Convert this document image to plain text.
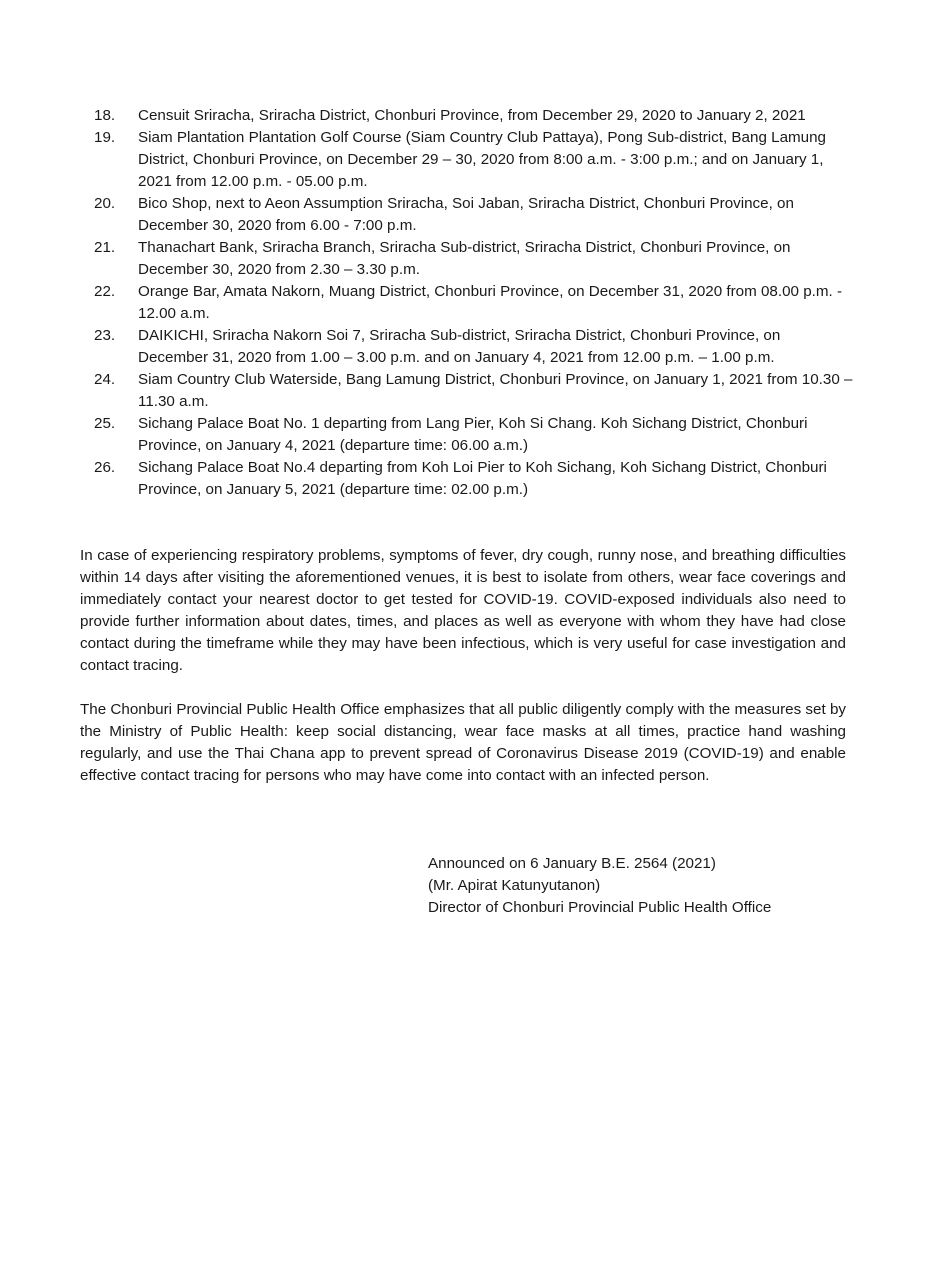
18.	Censuit Sriracha, Sriracha District, Chonburi Province, from December 29, 2020 to January 2, 2021
19.	Siam Plantation Plantation Golf Course (Siam Country Club Pattaya), Pong Sub-district, Bang Lamung District, Chonburi Province, on December 29 – 30, 2020 from 8:00 a.m. - 3:00 p.m.; and on January 1, 2021 from 12.00 p.m. - 05.00 p.m.
20.	Bico Shop, next to Aeon Assumption Sriracha, Soi Jaban, Sriracha District, Chonburi Province, on December 30, 2020 from 6.00 - 7:00 p.m.
21.	Thanachart Bank, Sriracha Branch, Sriracha Sub-district, Sriracha District, Chonburi Province, on December 30, 2020 from 2.30 – 3.30 p.m.
22.	Orange Bar, Amata Nakorn, Muang District, Chonburi Province, on December 31, 2020 from 08.00 p.m. - 12.00 a.m.
23.	DAIKICHI, Sriracha Nakorn Soi 7, Sriracha Sub-district, Sriracha District, Chonburi Province, on December 31, 2020 from 1.00 – 3.00 p.m. and on January 4, 2021 from 12.00 p.m. – 1.00 p.m.
24.	Siam Country Club Waterside, Bang Lamung District, Chonburi Province, on January 1, 2021 from 10.30 – 11.30 a.m.
25.	Sichang Palace Boat No. 1 departing from Lang Pier, Koh Si Chang. Koh Sichang District, Chonburi Province, on January 4, 2021 (departure time: 06.00 a.m.)
26.	Sichang Palace Boat No.4 departing from Koh Loi Pier to Koh Sichang, Koh Sichang District, Chonburi Province, on January 5, 2021 (departure time: 02.00 p.m.)

In case of experiencing respiratory problems, symptoms of fever, dry cough, runny nose, and breathing difficulties within 14 days after visiting the aforementioned venues, it is best to isolate from others, wear face coverings and immediately contact your nearest doctor to get tested for COVID-19. COVID-exposed individuals also need to provide further information about dates, times, and places as well as everyone with whom they have had close contact during the timeframe while they may have been infectious, which is very useful for case investigation and contact tracing.

The Chonburi Provincial Public Health Office emphasizes that all public diligently comply with the measures set by the Ministry of Public Health: keep social distancing, wear face masks at all times, practice hand washing regularly, and use the Thai Chana app to prevent spread of Coronavirus Disease 2019 (COVID-19) and enable effective contact tracing for persons who may have come into contact with an infected person.

Announced on 6 January B.E. 2564 (2021)
(Mr. Apirat Katunyutanon)
Director of Chonburi Provincial Public Health Office
